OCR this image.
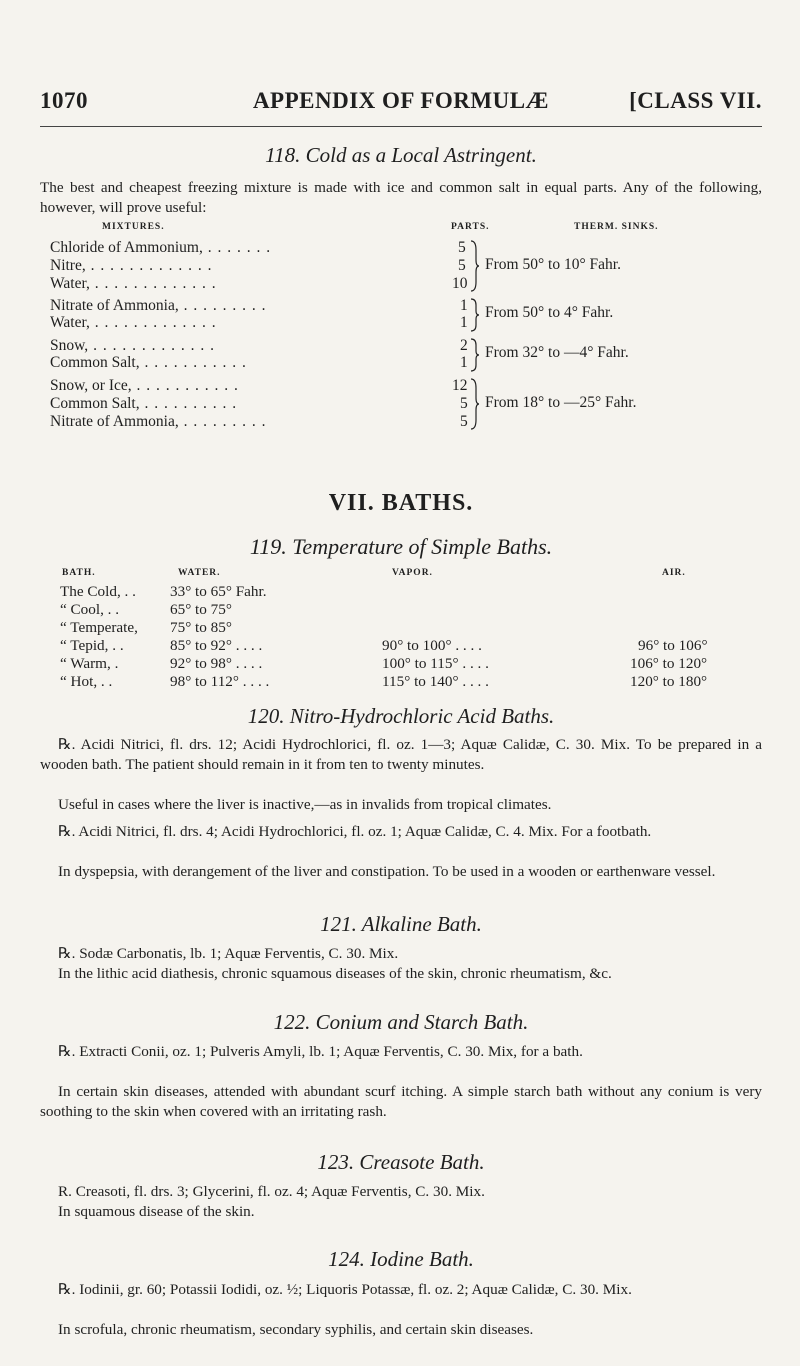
1070	APPENDIX OF FORMULÆ	[CLASS VII.
118. Cold as a Local Astringent.
The best and cheapest freezing mixture is made with ice and common salt in equal parts. Any of the following, however, will prove useful:
MIXTURES.	PARTS.	THERM. SINKS.
Chloride of Ammonium, . . . . . . .	5
Nitre, . . . . . . . . . . . . .	5
Water, . . . . . . . . . . . . .	10
From 50° to 10° Fahr.
Nitrate of Ammonia, . . . . . . . . .	1
Water, . . . . . . . . . . . . .	1
From 50° to 4° Fahr.
Snow, . . . . . . . . . . . . .	2
Common Salt, . . . . . . . . . . .	1
From 32° to —4° Fahr.
Snow, or Ice, . . . . . . . . . . .	12
Common Salt, . . . . . . . . . .	5
Nitrate of Ammonia, . . . . . . . . .	5
From 18° to —25° Fahr.
VII. BATHS.
119. Temperature of Simple Baths.
BATH.	WATER.	VAPOR.	AIR.
The Cold, . . 33° to 65° Fahr.
“ Cool, . .	65° to 75°
“ Temperate, 75° to 85°
“ Tepid, . .	85° to 92° . . . .	90° to 100° . . . .	96° to 106°
“ Warm, .	92° to 98° . . . .	100° to 115° . . . .	106° to 120°
“ Hot, . .	98° to 112° . . . .	115° to 140° . . . .	120° to 180°
120. Nitro-Hydrochloric Acid Baths.
℞. Acidi Nitrici, fl. drs. 12; Acidi Hydrochlorici, fl. oz. 1—3; Aquæ Calidæ, C. 30. Mix. To be prepared in a wooden bath. The patient should remain in it from ten to twenty minutes.
Useful in cases where the liver is inactive,—as in invalids from tropical climates.
℞. Acidi Nitrici, fl. drs. 4; Acidi Hydrochlorici, fl. oz. 1; Aquæ Calidæ, C. 4. Mix. For a footbath.
In dyspepsia, with derangement of the liver and constipation. To be used in a wooden or earthenware vessel.
121. Alkaline Bath.
℞. Sodæ Carbonatis, lb. 1; Aquæ Ferventis, C. 30. Mix.
In the lithic acid diathesis, chronic squamous diseases of the skin, chronic rheumatism, &c.
122. Conium and Starch Bath.
℞. Extracti Conii, oz. 1; Pulveris Amyli, lb. 1; Aquæ Ferventis, C. 30. Mix, for a bath.
In certain skin diseases, attended with abundant scurf itching. A simple starch bath without any conium is very soothing to the skin when covered with an irritating rash.
123. Creasote Bath.
R. Creasoti, fl. drs. 3; Glycerini, fl. oz. 4; Aquæ Ferventis, C. 30. Mix.
In squamous disease of the skin.
124. Iodine Bath.
℞. Iodinii, gr. 60; Potassii Iodidi, oz. ½; Liquoris Potassæ, fl. oz. 2; Aquæ Calidæ, C. 30. Mix.
In scrofula, chronic rheumatism, secondary syphilis, and certain skin diseases.
